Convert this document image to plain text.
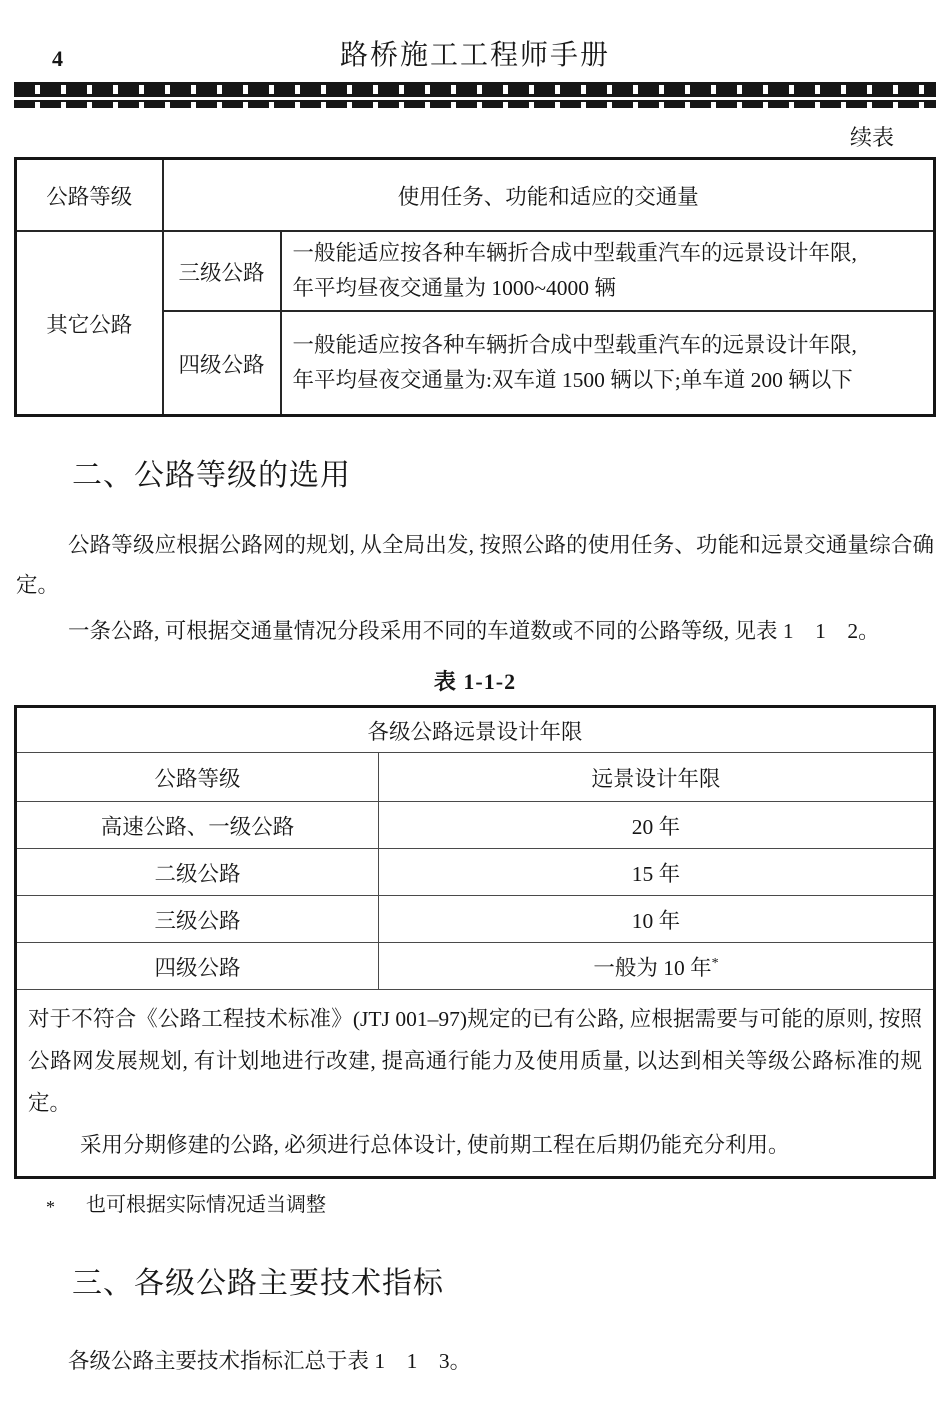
4	路桥施工工程师手册
续表
公路等级	使用任务、功能和适应的交通量	
其它公路	三级公路	一般能适应按各种车辆折合成中型载重汽车的远景设计年限,
年平均昼夜交通量为 1000~4000 辆

	四级公路	一般能适应按各种车辆折合成中型载重汽车的远景设计年限,
年平均昼夜交通量为:双车道 1500 辆以下;单车道 200 辆以下
二、公路等级的选用

公路等级应根据公路网的规划, 从全局出发, 按照公路的使用任务、功能和远景交通量综合确定。

一条公路, 可根据交通量情况分段采用不同的车道数或不同的公路等级, 见表 1 1 2。

表 1-1-2
各级公路远景设计年限	
公路等级	远景设计年限
高速公路、一级公路	20 年
二级公路	15 年
三级公路	10 年
四级公路	一般为 10 年*

对于不符合《公路工程技术标准》(JTJ 001–97)规定的已有公路, 应根据需要与可能的原则, 按照公路网发展规划, 有计划地进行改建, 提高通行能力及使用质量, 以达到相关等级公路标准的规定。

采用分期修建的公路, 必须进行总体设计, 使前期工程在后期仍能充分利用。	

*	也可根据实际情况适当调整
三、各级公路主要技术指标

各级公路主要技术指标汇总于表 1 1 3。
